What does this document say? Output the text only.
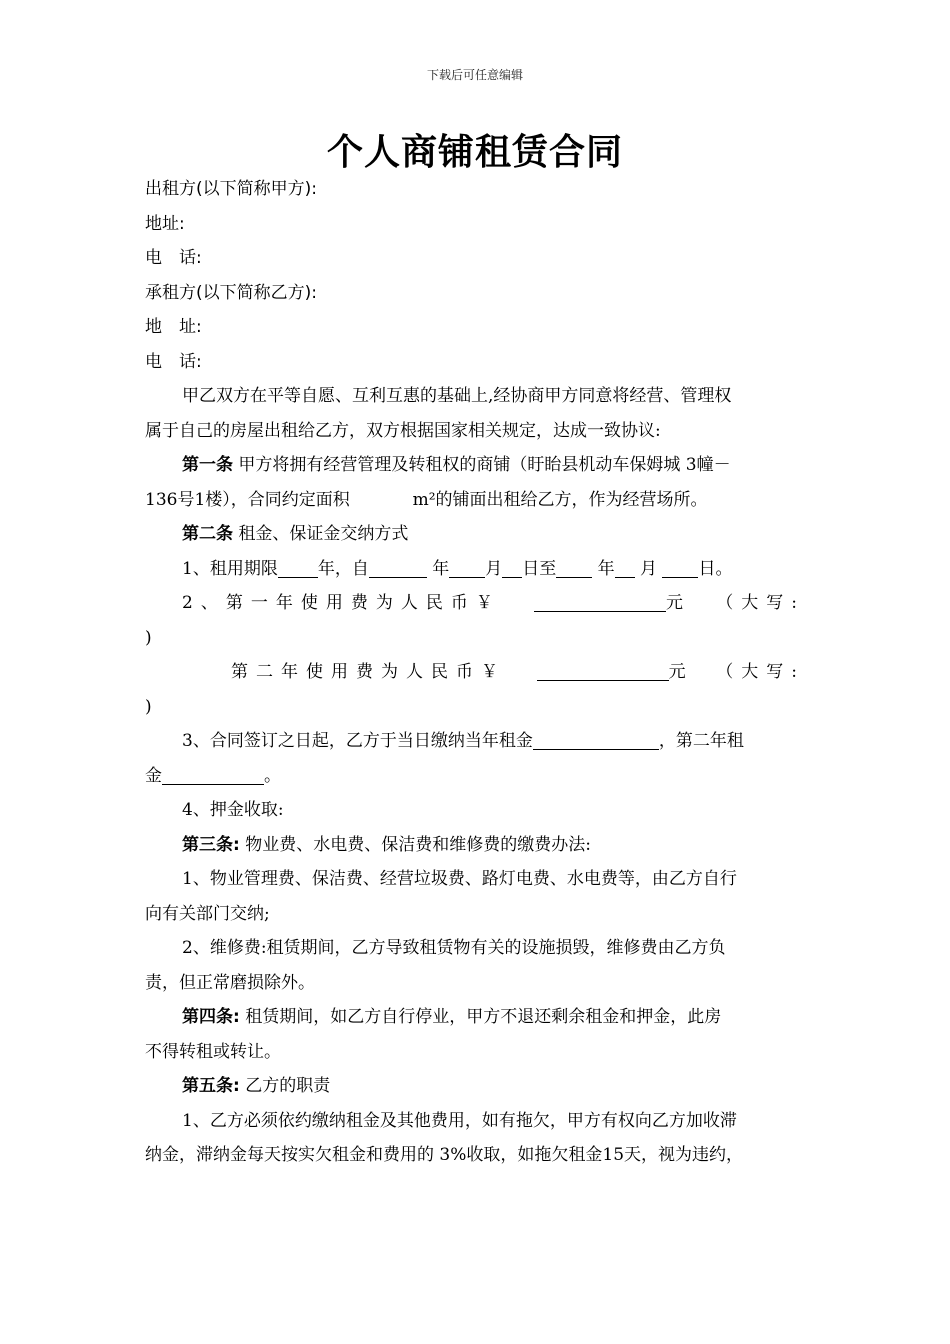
下载后可任意编辑
个人商铺租赁合同
出租方(以下简称甲方):
地址:
电　话:
承租方(以下简称乙方):
地　址:
电　话:
甲乙双方在平等自愿、互利互惠的基础上,经协商甲方同意将经营、管理权
属于自己的房屋出租给乙方，双方根据国家相关规定，达成一致协议:
第一条 甲方将拥有经营管理及转租权的商铺（盱眙县机动车保姆城 3幢－
136号1楼），合同约定面积	m²的铺面出租给乙方，作为经营场所。
第二条 租金、保证金交纳方式
1、租用期限 年，自	年 月 日至 年 月 日。
2、第一年使用费为人民币￥	元 （大写:
)
第二年使用费为人民币￥	元 （大写:
)
3、合同签订之日起，乙方于当日缴纳当年租金	，第二年租
金	。
4、押金收取:
第三条: 物业费、水电费、保洁费和维修费的缴费办法:
1、物业管理费、保洁费、经营垃圾费、路灯电费、水电费等，由乙方自行
向有关部门交纳;
2、维修费:租赁期间，乙方导致租赁物有关的设施损毁，维修费由乙方负
责，但正常磨损除外。
第四条: 租赁期间，如乙方自行停业，甲方不退还剩余租金和押金，此房
不得转租或转让。
第五条: 乙方的职责
1、乙方必须依约缴纳租金及其他费用，如有拖欠，甲方有权向乙方加收滞
纳金，滞纳金每天按实欠租金和费用的 3%收取，如拖欠租金15天，视为违约，
